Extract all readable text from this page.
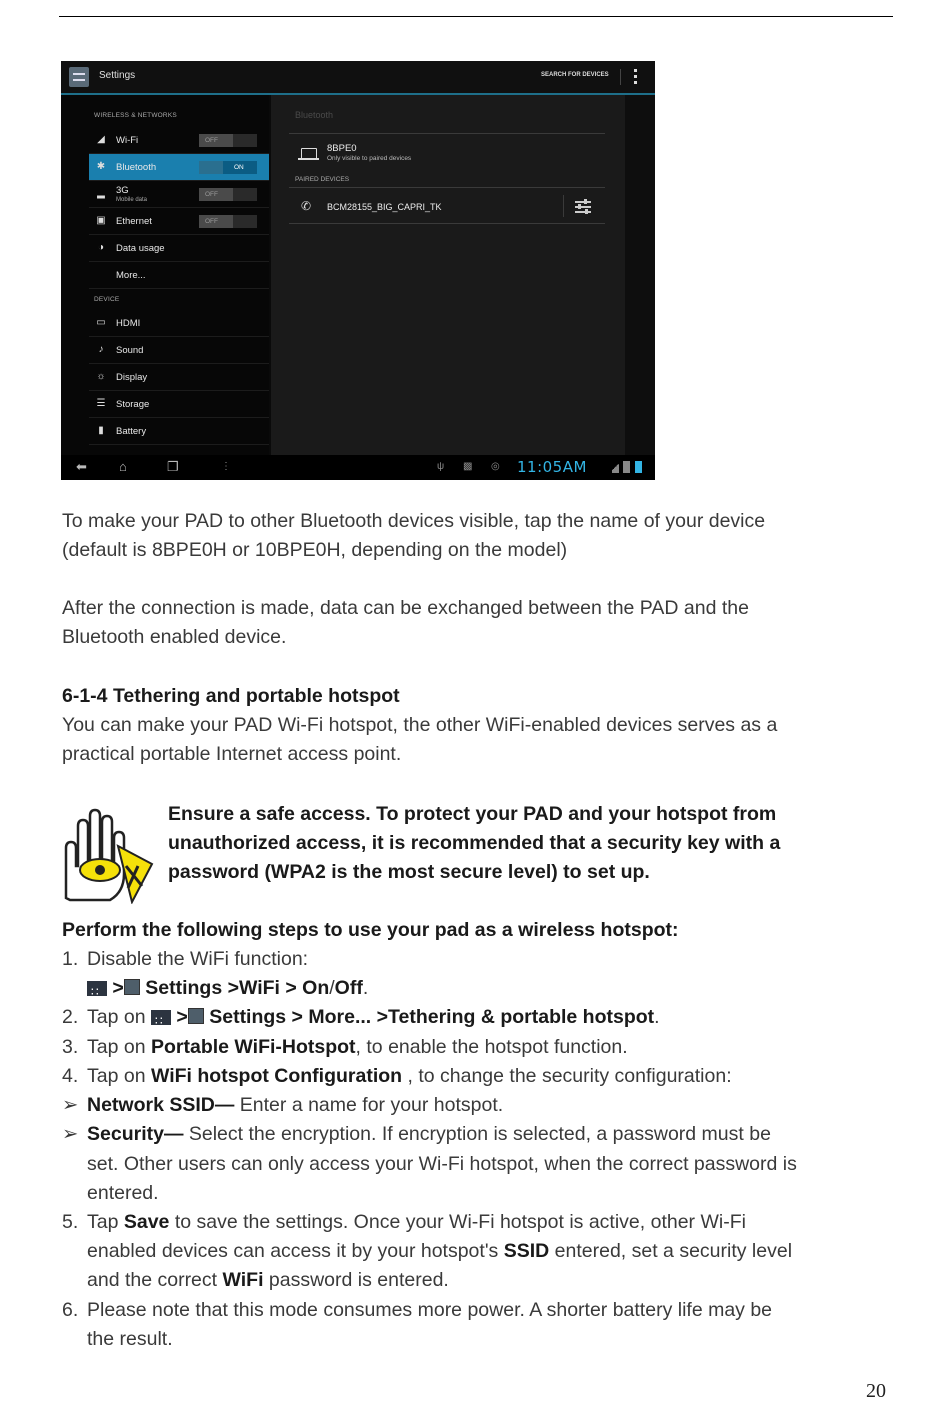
Settings	SEARCH FOR DEVICES
WIRELESS & NETWORKS
◢ Wi-Fi	OFF
✱ Bluetooth	ON
▂ 3G
Mobile data
OFF
▣ Ethernet	OFF
◑	Data usage
More...
DEVICE
▭ HDMI
♪	Sound
☼ Display
☰ Storage
▮	Battery
Bluetooth
8BPE0
Only visible to paired devices
PAIRED DEVICES
✆ BCM28155_BIG_CAPRI_TK
⬅ ⌂	❐	⋮	ψ ▩ ◎ 11:05AM

To make your PAD to other Bluetooth devices visible, tap the name of your device

(default is 8BPE0H or 10BPE0H, depending on the model)

After the connection is made, data can be exchanged between the PAD and the

Bluetooth enabled device.

6-1-4 Tethering and portable hotspot

You can make your PAD Wi-Fi hotspot, the other WiFi-enabled devices serves as a

practical portable Internet access point.

Ensure a safe access. To protect your PAD and your hotspot from
unauthorized access, it is recommended that a security key with a
password (WPA2 is the most secure level) to set up.

Perform the following steps to use your pad as a wireless hotspot:

1. Disable the WiFi function:
∷ > Settings >WiFi > On/Off.
2. Tap on ∷ > Settings > More... >Tethering & portable hotspot.
3. Tap on Portable WiFi-Hotspot, to enable the hotspot function.
4. Tap on WiFi hotspot Configuration , to change the security configuration:
➢ Network SSID— Enter a name for your hotspot.
➢ Security— Select the encryption. If encryption is selected, a password must be
set. Other users can only access your Wi-Fi hotspot, when the correct password is
entered.
5. Tap Save to save the settings. Once your Wi-Fi hotspot is active, other Wi-Fi
enabled devices can access it by your hotspot's SSID entered, set a security level
and the correct WiFi password is entered.
6. Please note that this mode consumes more power. A shorter battery life may be
the result.
20
